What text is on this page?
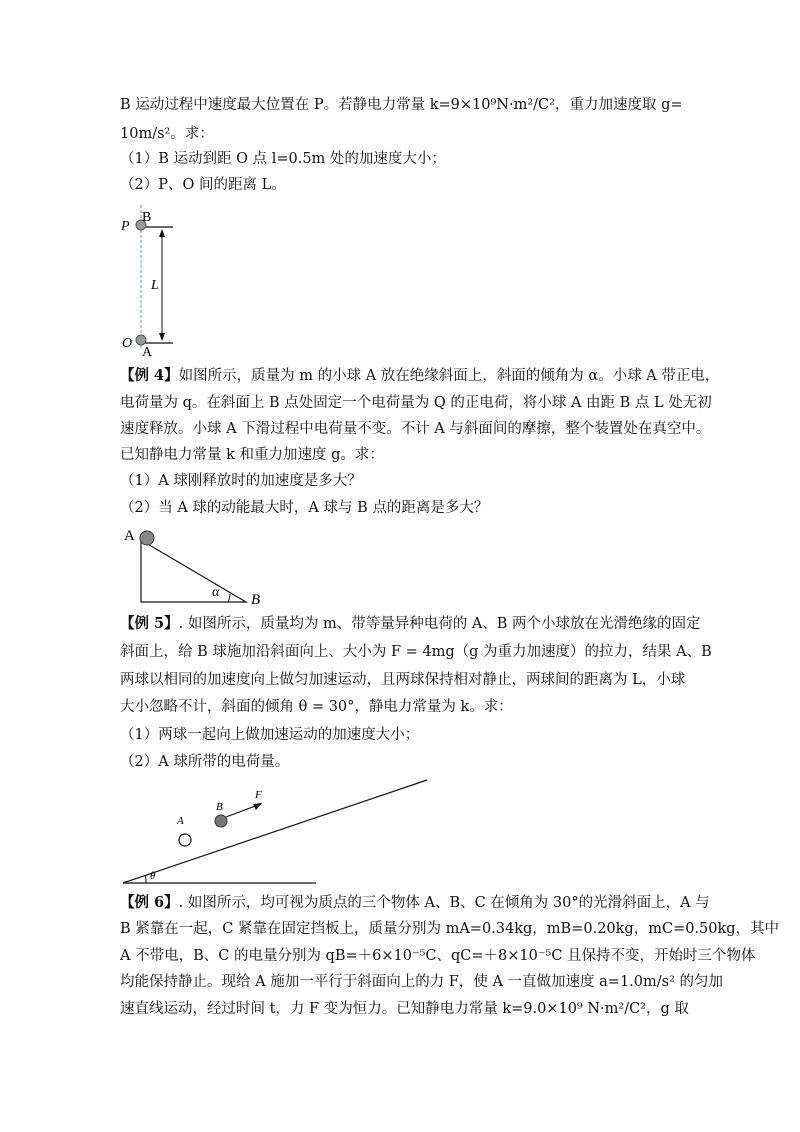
B 运动过程中速度最大位置在 P。若静电力常量 k=9×10⁹N·m²/C²，重力加速度取 g=
10m/s²。求：
（1）B 运动到距 O 点 l=0.5m 处的加速度大小；
（2）P、O 间的距离 L。
P
B
L
O
A
【例 4】如图所示，质量为 m 的小球 A 放在绝缘斜面上，斜面的倾角为 α。小球 A 带正电，
电荷量为 q。在斜面上 B 点处固定一个电荷量为 Q 的正电荷，将小球 A 由距 B 点 L 处无初
速度释放。小球 A 下滑过程中电荷量不变。不计 A 与斜面间的摩擦，整个装置处在真空中。
已知静电力常量 k 和重力加速度 g。求：
（1）A 球刚释放时的加速度是多大？
（2）当 A 球的动能最大时，A 球与 B 点的距离是多大？
A
α B
【例 5】. 如图所示，质量均为 m、带等量异种电荷的 A、B 两个小球放在光滑绝缘的固定
斜面上，给 B 球施加沿斜面向上、大小为 F = 4mg（g 为重力加速度）的拉力，结果 A、B
两球以相同的加速度向上做匀加速运动，且两球保持相对静止，两球间的距离为 L，小球
大小忽略不计，斜面的倾角 θ = 30°，静电力常量为 k。求：
（1）两球一起向上做加速运动的加速度大小；
（2）A 球所带的电荷量。
A
B
F
θ
【例 6】. 如图所示，均可视为质点的三个物体 A、B、C 在倾角为 30°的光滑斜面上，A 与
B 紧靠在一起，C 紧靠在固定挡板上，质量分别为 mA=0.34kg，mB=0.20kg，mC=0.50kg，其中
A 不带电，B、C 的电量分别为 qB=＋6×10⁻⁵C、qC=＋8×10⁻⁵C 且保持不变，开始时三个物体
均能保持静止。现给 A 施加一平行于斜面向上的力 F，使 A 一直做加速度 a=1.0m/s² 的匀加
速直线运动，经过时间 t，力 F 变为恒力。已知静电力常量 k=9.0×10⁹ N·m²/C²，g 取
